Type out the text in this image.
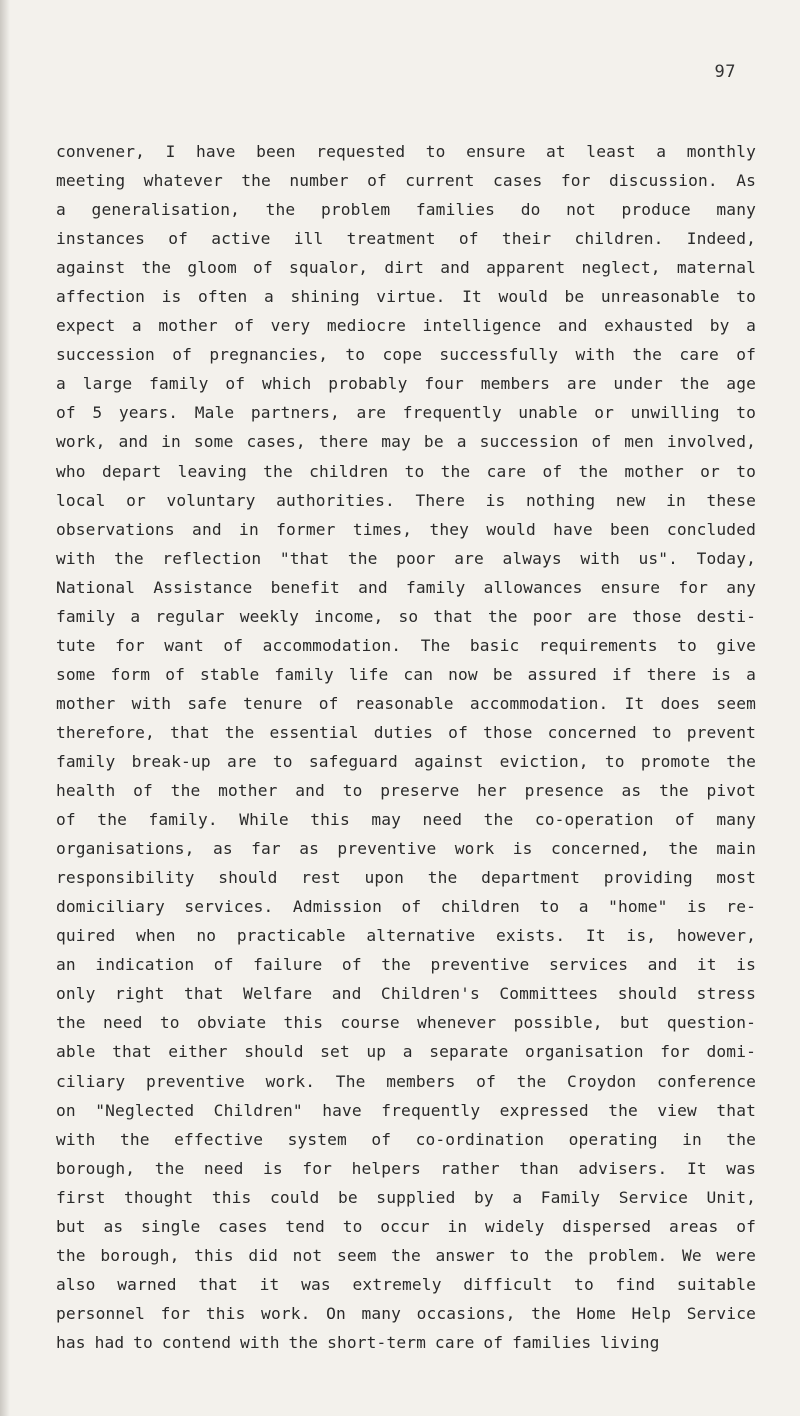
97
convener, I have been requested to ensure at least a monthly
meeting whatever the number of current cases for discussion. As
a generalisation, the problem families do not produce many
instances of active ill treatment of their children. Indeed,
against the gloom of squalor, dirt and apparent neglect, maternal
affection is often a shining virtue. It would be unreasonable to
expect a mother of very mediocre intelligence and exhausted by a
succession of pregnancies, to cope successfully with the care of
a large family of which probably four members are under the age
of 5 years. Male partners, are frequently unable or unwilling to
work, and in some cases, there may be a succession of men involved,
who depart leaving the children to the care of the mother or to
local or voluntary authorities. There is nothing new in these
observations and in former times, they would have been concluded
with the reflection "that the poor are always with us". Today,
National Assistance benefit and family allowances ensure for any
family a regular weekly income, so that the poor are those desti-
tute for want of accommodation. The basic requirements to give
some form of stable family life can now be assured if there is a
mother with safe tenure of reasonable accommodation. It does seem
therefore, that the essential duties of those concerned to prevent
family break-up are to safeguard against eviction, to promote the
health of the mother and to preserve her presence as the pivot
of the family. While this may need the co-operation of many
organisations, as far as preventive work is concerned, the main
responsibility should rest upon the department providing most
domiciliary services. Admission of children to a "home" is re-
quired when no practicable alternative exists. It is, however,
an indication of failure of the preventive services and it is
only right that Welfare and Children's Committees should stress
the need to obviate this course whenever possible, but question-
able that either should set up a separate organisation for domi-
ciliary preventive work. The members of the Croydon conference
on "Neglected Children" have frequently expressed the view that
with the effective system of co-ordination operating in the
borough, the need is for helpers rather than advisers. It was
first thought this could be supplied by a Family Service Unit,
but as single cases tend to occur in widely dispersed areas of
the borough, this did not seem the answer to the problem. We were
also warned that it was extremely difficult to find suitable
personnel for this work. On many occasions, the Home Help Service
has had to contend with the short-term care of families living
